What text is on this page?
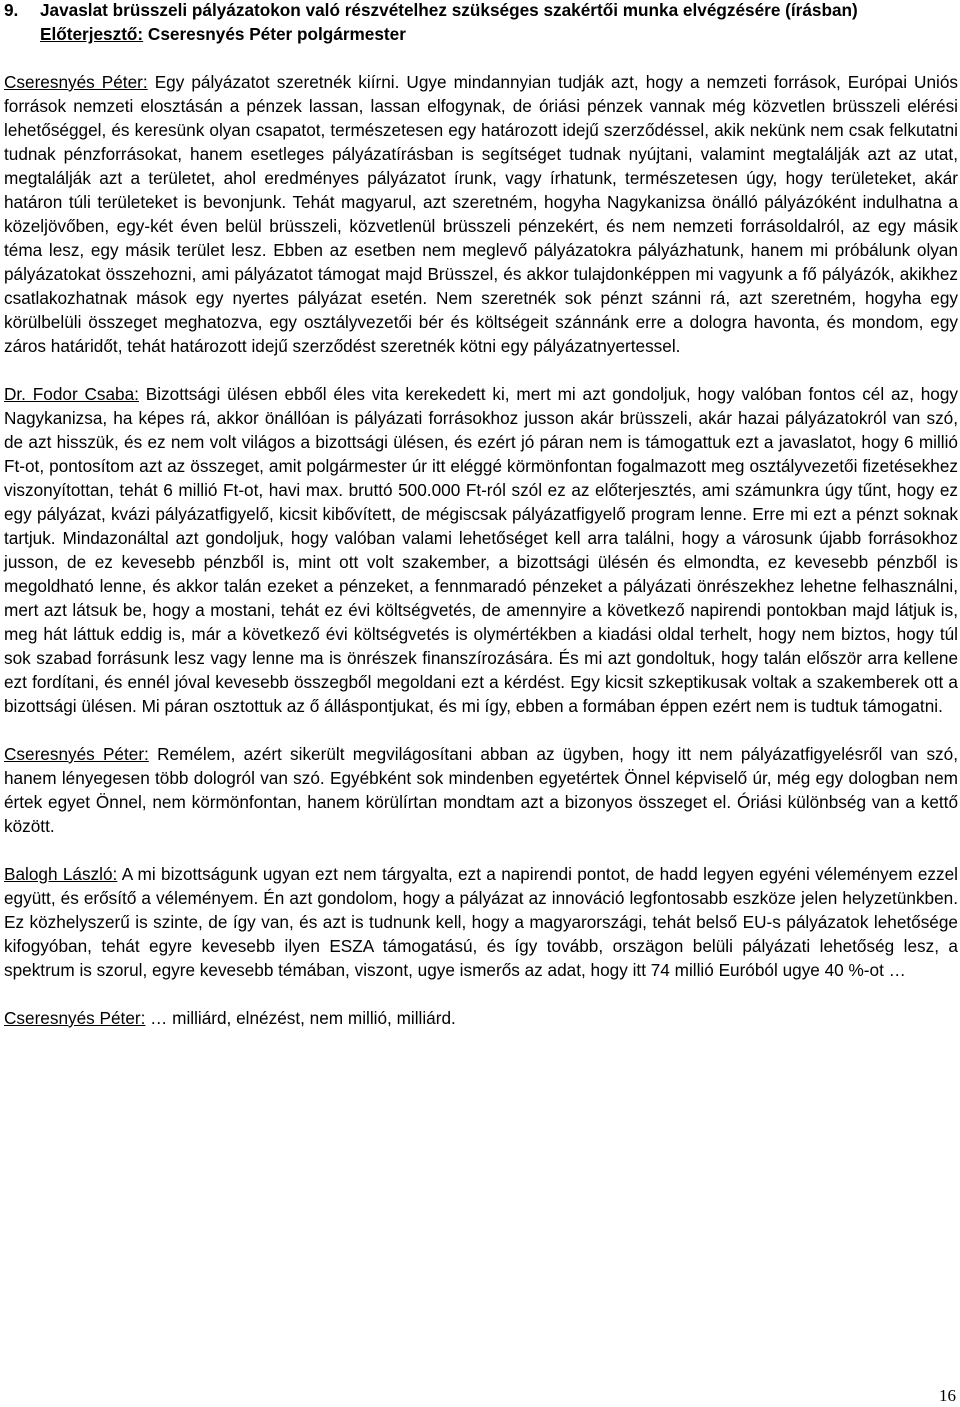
9.	Javaslat brüsszeli pályázatokon való részvételhez szükséges szakértői munka elvégzésére (írásban)
Előterjesztő: Cseresnyés Péter polgármester

Cseresnyés Péter: Egy pályázatot szeretnék kiírni. Ugye mindannyian tudják azt, hogy a nemzeti források, Európai Uniós források nemzeti elosztásán a pénzek lassan, lassan elfogynak, de óriási pénzek vannak még közvetlen brüsszeli elérési lehetőséggel, és keresünk olyan csapatot, természetesen egy határozott idejű szerződéssel, akik nekünk nem csak felkutatni tudnak pénzforrásokat, hanem esetleges pályázatírásban is segítséget tudnak nyújtani, valamint megtalálják azt az utat, megtalálják azt a területet, ahol eredményes pályázatot írunk, vagy írhatunk, természetesen úgy, hogy területeket, akár határon túli területeket is bevonjunk. Tehát magyarul, azt szeretném, hogyha Nagykanizsa önálló pályázóként indulhatna a közeljövőben, egy-két éven belül brüsszeli, közvetlenül brüsszeli pénzekért, és nem nemzeti forrásoldalról, az egy másik téma lesz, egy másik terület lesz. Ebben az esetben nem meglevő pályázatokra pályázhatunk, hanem mi próbálunk olyan pályázatokat összehozni, ami pályázatot támogat majd Brüsszel, és akkor tulajdonképpen mi vagyunk a fő pályázók, akikhez csatlakozhatnak mások egy nyertes pályázat esetén. Nem szeretnék sok pénzt szánni rá, azt szeretném, hogyha egy körülbelüli összeget meghatozva, egy osztályvezetői bér és költségeit szánnánk erre a dologra havonta, és mondom, egy záros határidőt, tehát határozott idejű szerződést szeretnék kötni egy pályázatnyertessel.

Dr. Fodor Csaba: Bizottsági ülésen ebből éles vita kerekedett ki, mert mi azt gondoljuk, hogy valóban fontos cél az, hogy Nagykanizsa, ha képes rá, akkor önállóan is pályázati forrásokhoz jusson akár brüsszeli, akár hazai pályázatokról van szó, de azt hisszük, és ez nem volt világos a bizottsági ülésen, és ezért jó páran nem is támogattuk ezt a javaslatot, hogy 6 millió Ft-ot, pontosítom azt az összeget, amit polgármester úr itt eléggé körmönfontan fogalmazott meg osztályvezetői fizetésekhez viszonyítottan, tehát 6 millió Ft-ot, havi max. bruttó 500.000 Ft-ról szól ez az előterjesztés, ami számunkra úgy tűnt, hogy ez egy pályázat, kvázi pályázatfigyelő, kicsit kibővített, de mégiscsak pályázatfigyelő program lenne. Erre mi ezt a pénzt soknak tartjuk. Mindazonáltal azt gondoljuk, hogy valóban valami lehetőséget kell arra találni, hogy a városunk újabb forrásokhoz jusson, de ez kevesebb pénzből is, mint ott volt szakember, a bizottsági ülésén és elmondta, ez kevesebb pénzből is megoldható lenne, és akkor talán ezeket a pénzeket, a fennmaradó pénzeket a pályázati önrészekhez lehetne felhasználni, mert azt látsuk be, hogy a mostani, tehát ez évi költségvetés, de amennyire a következő napirendi pontokban majd látjuk is, meg hát láttuk eddig is, már a következő évi költségvetés is olymértékben a kiadási oldal terhelt, hogy nem biztos, hogy túl sok szabad forrásunk lesz vagy lenne ma is önrészek finanszírozására. És mi azt gondoltuk, hogy talán először arra kellene ezt fordítani, és ennél jóval kevesebb összegből megoldani ezt a kérdést. Egy kicsit szkeptikusak voltak a szakemberek ott a bizottsági ülésen. Mi páran osztottuk az ő álláspontjukat, és mi így, ebben a formában éppen ezért nem is tudtuk támogatni.

Cseresnyés Péter: Remélem, azért sikerült megvilágosítani abban az ügyben, hogy itt nem pályázatfigyelésről van szó, hanem lényegesen több dologról van szó. Egyébként sok mindenben egyetértek Önnel képviselő úr, még egy dologban nem értek egyet Önnel, nem körmönfontan, hanem körülírtan mondtam azt a bizonyos összeget el. Óriási különbség van a kettő között.

Balogh László: A mi bizottságunk ugyan ezt nem tárgyalta, ezt a napirendi pontot, de hadd legyen egyéni véleményem ezzel együtt, és erősítő a véleményem. Én azt gondolom, hogy a pályázat az innováció legfontosabb eszköze jelen helyzetünkben. Ez közhelyszerű is szinte, de így van, és azt is tudnunk kell, hogy a magyarországi, tehát belső EU-s pályázatok lehetősége kifogyóban, tehát egyre kevesebb ilyen ESZA támogatású, és így tovább, orszägon belüli pályázati lehetőség lesz, a spektrum is szorul, egyre kevesebb témában, viszont, ugye ismerős az adat, hogy itt 74 millió Euróból ugye 40 %-ot …

Cseresnyés Péter: … milliárd, elnézést, nem millió, milliárd.

16
